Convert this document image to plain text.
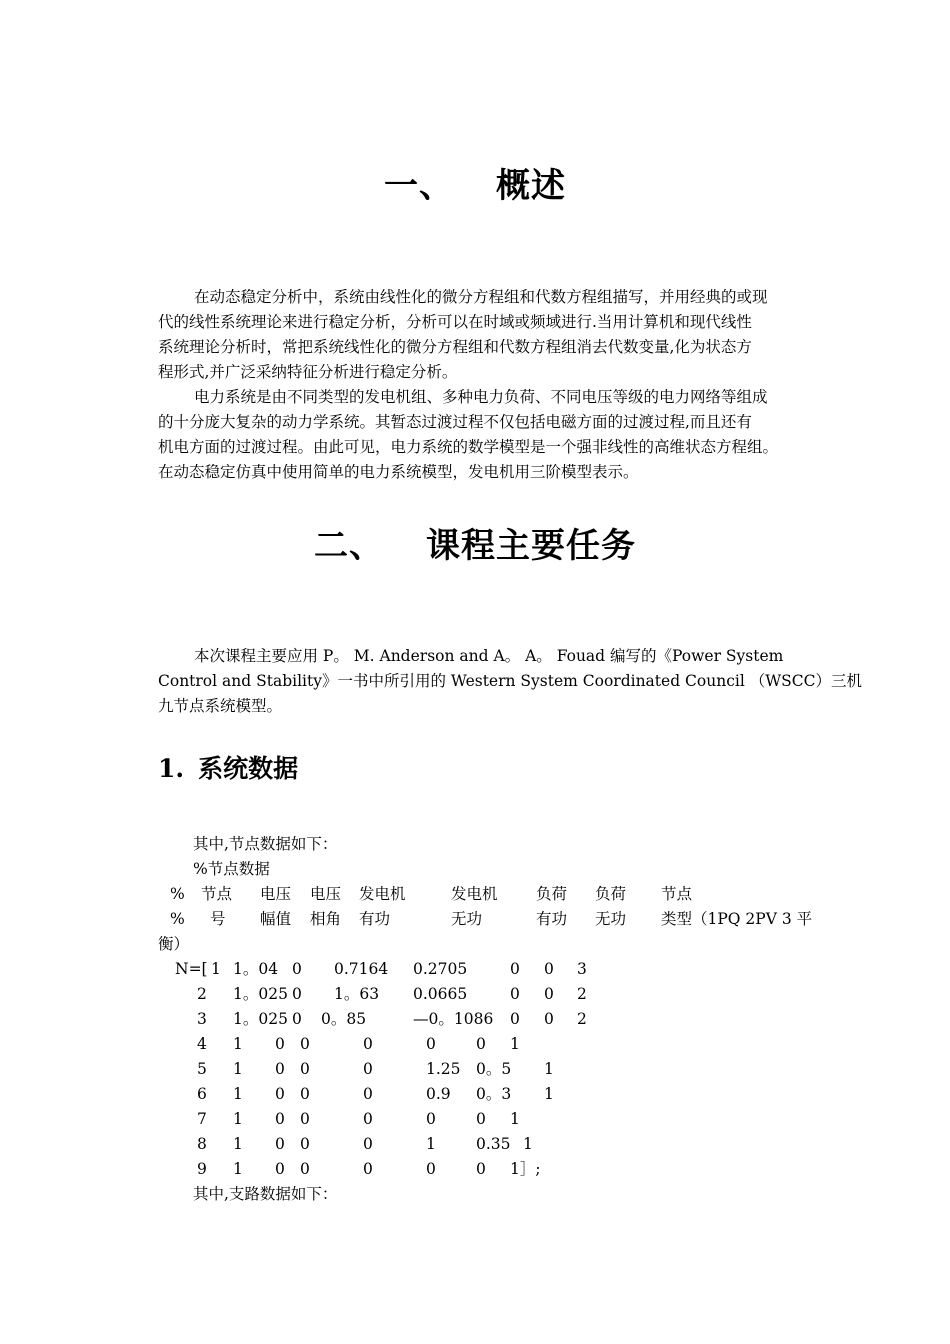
一、 概述
在动态稳定分析中，系统由线性化的微分方程组和代数方程组描写，并用经典的或现
代的线性系统理论来进行稳定分析，分析可以在时域或频域进行.当用计算机和现代线性
系统理论分析时，常把系统线性化的微分方程组和代数方程组消去代数变量,化为状态方
程形式,并广泛采纳特征分析进行稳定分析。
电力系统是由不同类型的发电机组、多种电力负荷、不同电压等级的电力网络等组成
的十分庞大复杂的动力学系统。其暂态过渡过程不仅包括电磁方面的过渡过程,而且还有
机电方面的过渡过程。由此可见，电力系统的数学模型是一个强非线性的高维状态方程组。
在动态稳定仿真中使用简单的电力系统模型，发电机用三阶模型表示。
二、 课程主要任务
本次课程主要应用 P。 M. Anderson and A。 A。 Fouad 编写的《Power System
Control and Stability》一书中所引用的 Western System Coordinated Council （WSCC）三机
九节点系统模型。
1. 系统数据
其中,节点数据如下：
%节点数据
% 节点 电压 电压 发电机	发电机 负荷 负荷 节点
% 号 幅值 相角 有功	无功	有功 无功 类型（1PQ 2PV 3 平
衡）
N=[ 1 1。04 0 0.7164 0.2705	0 0 3
2 1。025 0 1。63 0.0665	0 0 2
3 1。025 0 0。85	—0。1086 0 0 2
4 1 0 0	0	0	0 1
5 1 0 0	0	1.25 0。5 1
6 1 0 0	0	0.9 0。3 1
7 1 0 0	0	0	0 1
8 1 0 0	0	1	0.35 1
9 1 0 0	0	0	0 1］;
其中,支路数据如下：
